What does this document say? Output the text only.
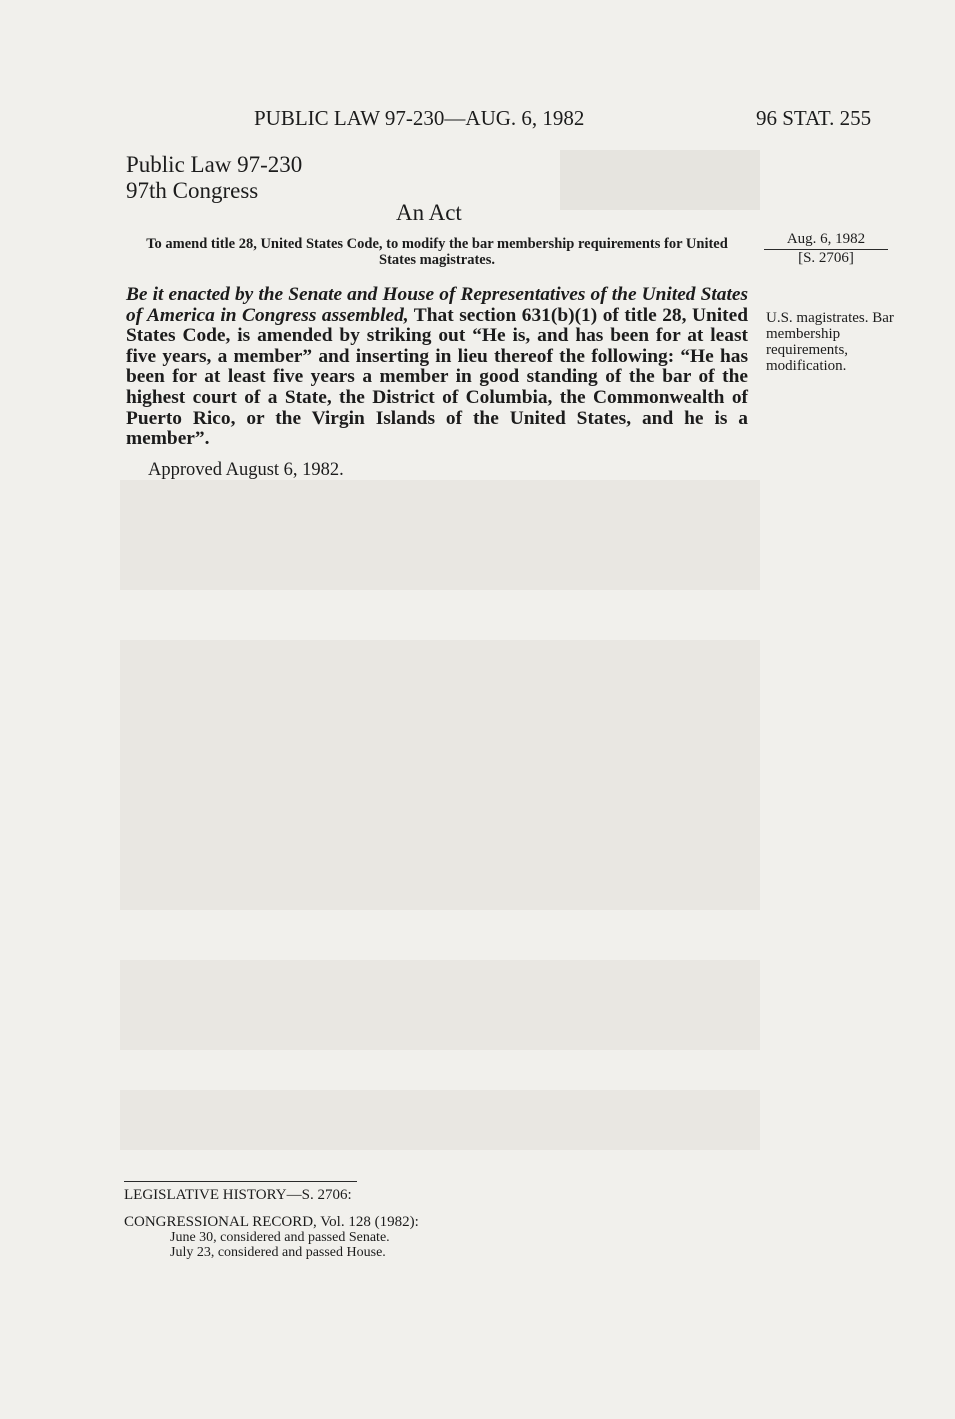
PUBLIC LAW 97-230—AUG. 6, 1982	96 STAT. 255
Public Law 97-230
97th Congress
An Act
To amend title 28, United States Code, to modify the bar membership requirements for United States magistrates.
Aug. 6, 1982
[S. 2706]
Be it enacted by the Senate and House of Representatives of the United States of America in Congress assembled, That section 631(b)(1) of title 28, United States Code, is amended by striking out “He is, and has been for at least five years, a member” and inserting in lieu thereof the following: “He has been for at least five years a member in good standing of the bar of the highest court of a State, the District of Columbia, the Commonwealth of Puerto Rico, or the Virgin Islands of the United States, and he is a member”.
U.S. magistrates. Bar membership requirements, modification.
Approved August 6, 1982.
LEGISLATIVE HISTORY—S. 2706:
CONGRESSIONAL RECORD, Vol. 128 (1982):
June 30, considered and passed Senate.
July 23, considered and passed House.
